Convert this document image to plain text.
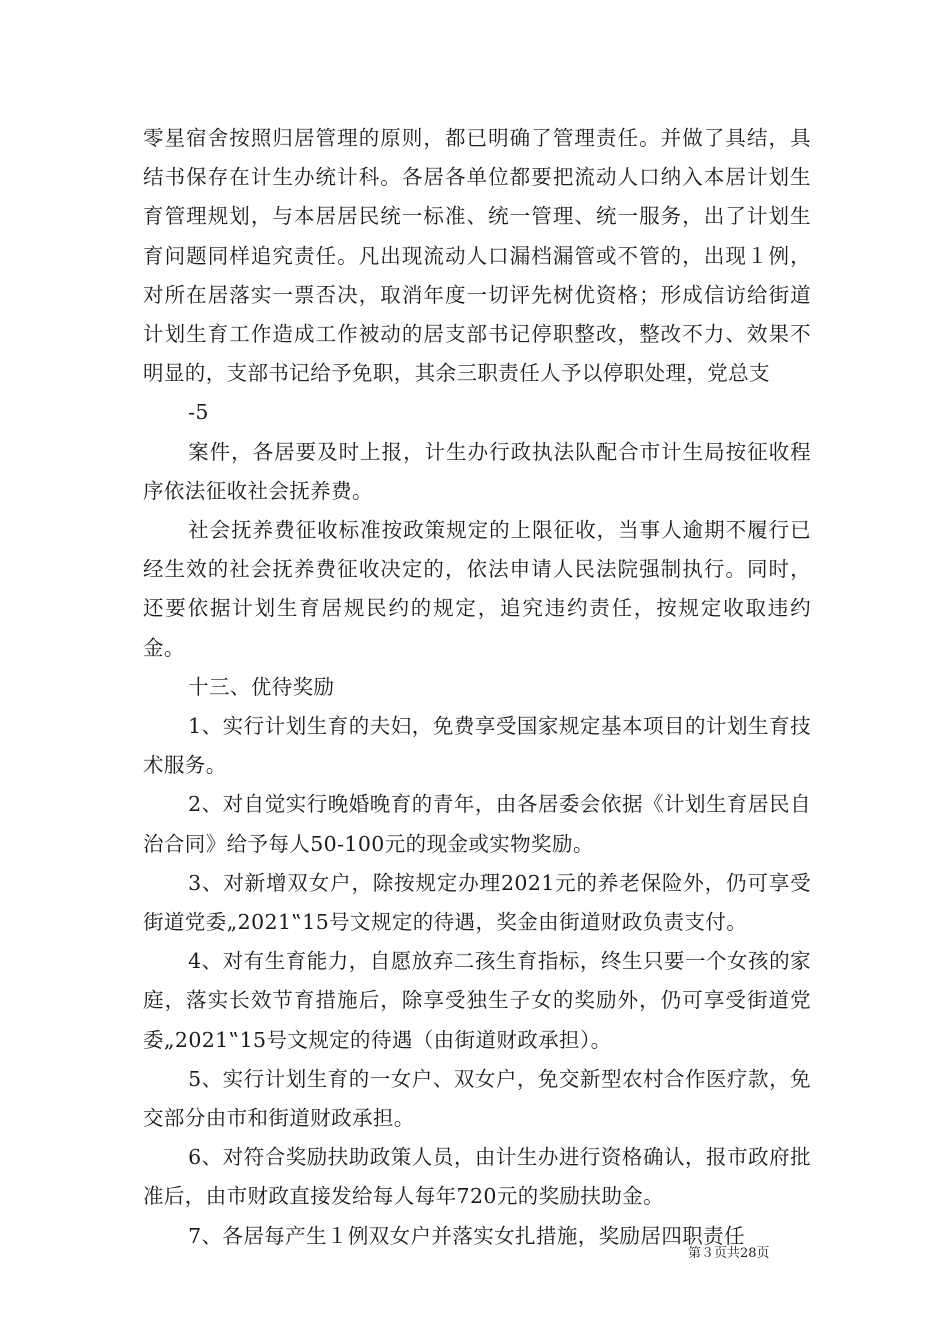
零星宿舍按照归居管理的原则，都已明确了管理责任。并做了具结，具结书保存在计生办统计科。各居各单位都要把流动人口纳入本居计划生育管理规划，与本居居民统一标准、统一管理、统一服务，出了计划生育问题同样追究责任。凡出现流动人口漏档漏管或不管的，出现１例，对所在居落实一票否决，取消年度一切评先树优资格；形成信访给街道计划生育工作造成工作被动的居支部书记停职整改，整改不力、效果不明显的，支部书记给予免职，其余三职责任人予以停职处理，党总支

-5

案件，各居要及时上报，计生办行政执法队配合市计生局按征收程序依法征收社会抚养费。

社会抚养费征收标准按政策规定的上限征收，当事人逾期不履行已经生效的社会抚养费征收决定的，依法申请人民法院强制执行。同时，还要依据计划生育居规民约的规定，追究违约责任，按规定收取违约金。

十三、优待奖励

1、实行计划生育的夫妇，免费享受国家规定基本项目的计划生育技术服务。

2、对自觉实行晚婚晚育的青年，由各居委会依据《计划生育居民自治合同》给予每人50-100元的现金或实物奖励。

3、对新增双女户，除按规定办理2021元的养老保险外，仍可享受街道党委„2021‟15号文规定的待遇，奖金由街道财政负责支付。

4、对有生育能力，自愿放弃二孩生育指标，终生只要一个女孩的家庭，落实长效节育措施后，除享受独生子女的奖励外，仍可享受街道党委„2021‟15号文规定的待遇（由街道财政承担）。

5、实行计划生育的一女户、双女户，免交新型农村合作医疗款，免交部分由市和街道财政承担。

6、对符合奖励扶助政策人员，由计生办进行资格确认，报市政府批准后，由市财政直接发给每人每年720元的奖励扶助金。

7、各居每产生１例双女户并落实女扎措施，奖励居四职责任

第３页共28页
